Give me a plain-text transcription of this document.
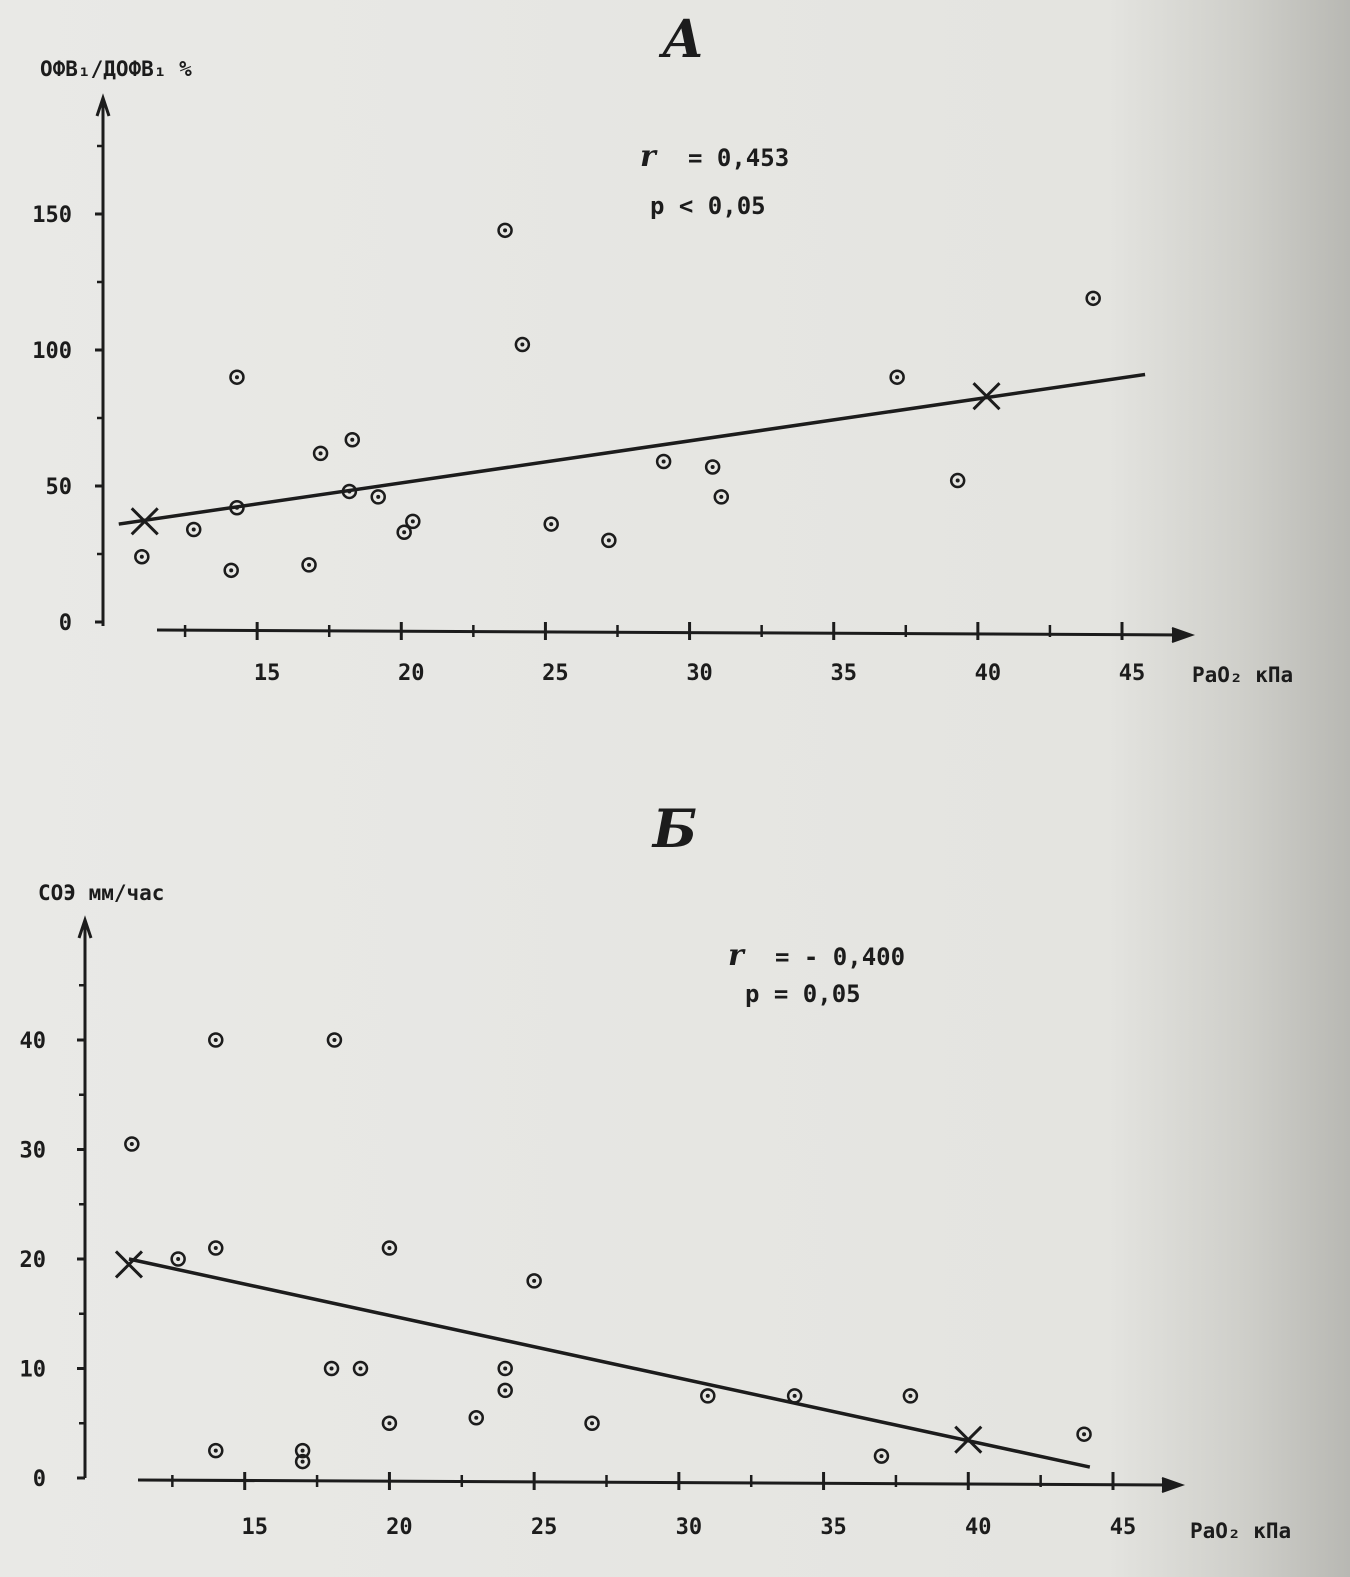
А
0
50
100
150
15	20	25	30	35	40	45
ОФВ₁/ДОФВ₁ %
PaO₂ кПа
r = 0,453
p < 0,05
Б
0
10
20
30
40
15	20	25	30	35	40	45
СОЭ мм/час
PaO₂ кПа
r = - 0,400
p = 0,05
